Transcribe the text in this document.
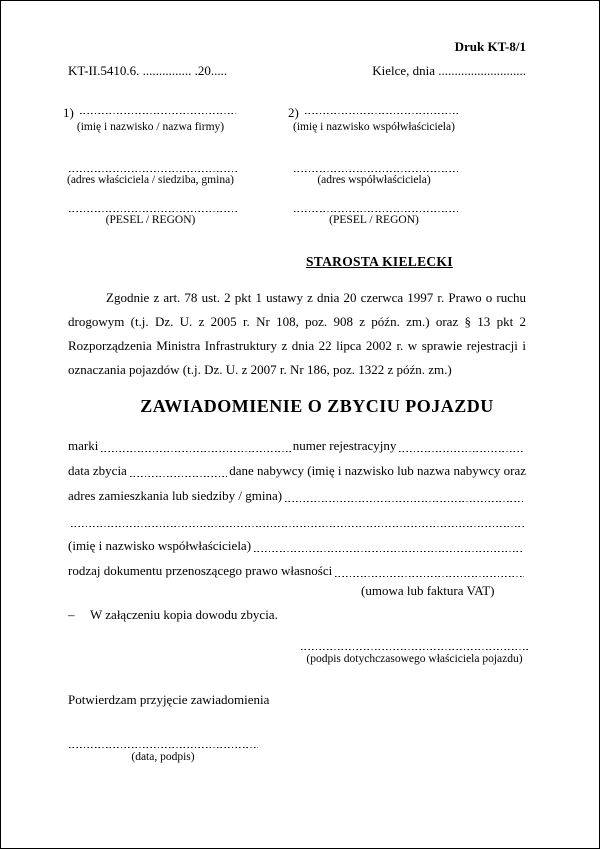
Druk KT-8/1
KT-II.5410.6. ............... .20.....	Kielce, dnia ...........................
1)
(imię i nazwisko / nazwa firmy)
(adres właściciela / siedziba, gmina)
(PESEL / REGON)
2)
(imię i nazwisko współwłaściciela)
(adres współwłaściciela)
(PESEL / REGON)
STAROSTA KIELECKI

Zgodnie z art. 78 ust. 2 pkt 1 ustawy z dnia 20 czerwca 1997 r. Prawo o ruchu drogowym (t.j. Dz. U. z 2005 r. Nr 108, poz. 908 z późn. zm.) oraz § 13 pkt 2 Rozporządzenia Ministra Infrastruktury z dnia 22 lipca 2002 r. w sprawie rejestracji i oznaczania pojazdów (t.j. Dz. U. z 2007 r. Nr 186, poz. 1322 z późn. zm.)

ZAWIADOMIENIE O ZBYCIU POJAZDU
marki	numer rejestracyjny
data zbycia	dane nabywcy (imię i nazwisko lub nazwa nabywcy oraz
adres zamieszkania lub siedziby / gmina)
(imię i nazwisko współwłaściciela)
rodzaj dokumentu przenoszącego prawo własności
(umowa lub faktura VAT)
–	W załączeniu kopia dowodu zbycia.
(podpis dotychczasowego właściciela pojazdu)
Potwierdzam przyjęcie zawiadomienia
(data, podpis)
